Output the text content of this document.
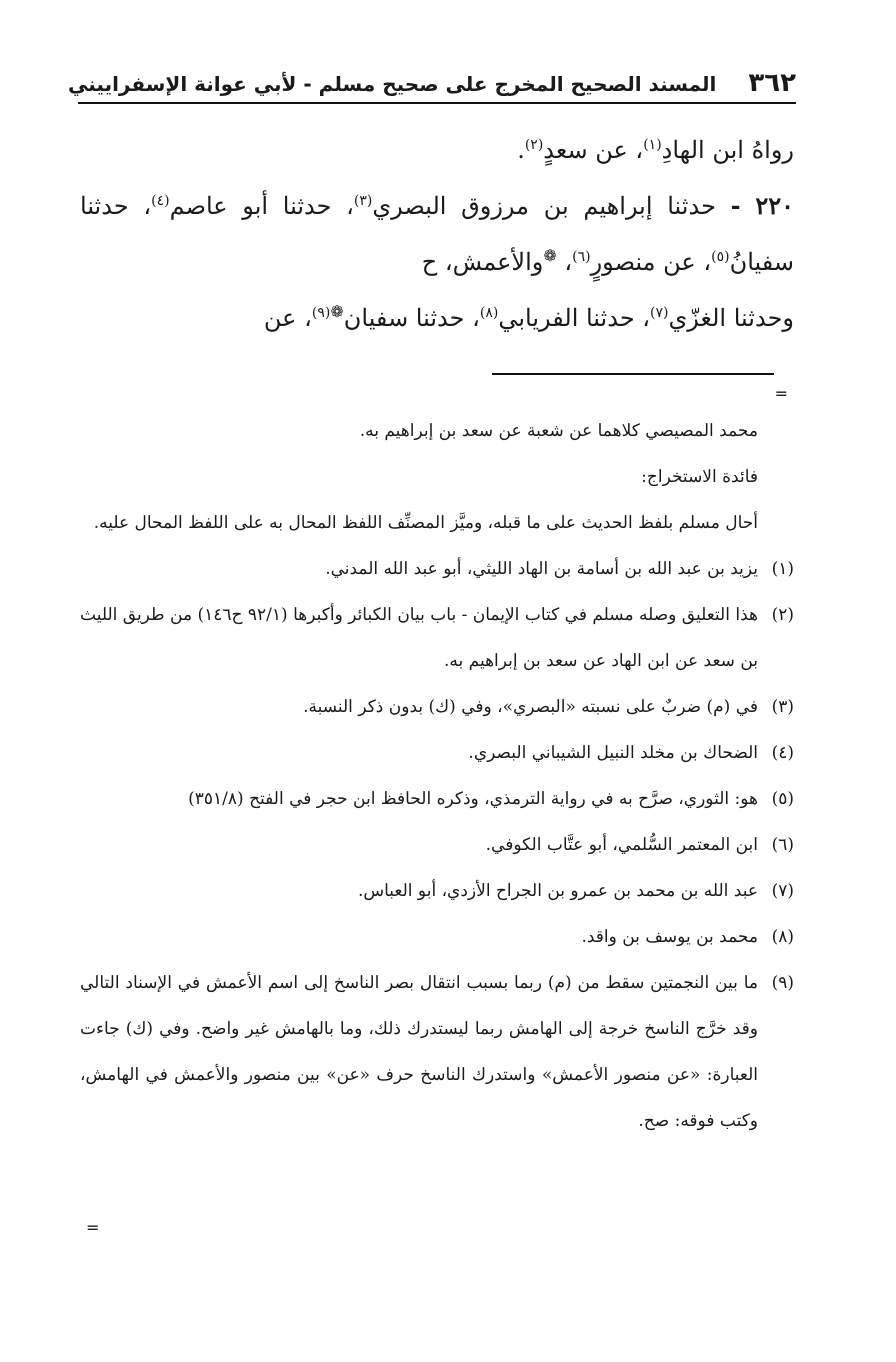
٣٦٢
المسند الصحيح المخرج على صحيح مسلم - لأبي عوانة الإسفراييني

رواهُ ابن الهادِ$^{(١)}$، عن سعدٍ$^{(٢)}$.

٢٢٠ - حدثنا إبراهيم بن مرزوق البصري$^{(٣)}$، حدثنا أبو عاصم$^{(٤)}$، حدثنا سفيانُ$^{(٥)}$، عن منصورٍ$^{(٦)}$، ❁والأعمش، ح
وحدثنا الغزّي$^{(٧)}$، حدثنا الفريابي$^{(٨)}$، حدثنا سفيان$^{❁(٩)}$، عن

=

محمد المصيصي كلاهما عن شعبة عن سعد بن إبراهيم به.

فائدة الاستخراج:

أحال مسلم بلفظ الحديث على ما قبله، وميَّز المصنِّف اللفظ المحال به على اللفظ المحال عليه.

(١)يزيد بن عبد الله بن أسامة بن الهاد الليثي، أبو عبد الله المدني.

(٢)هذا التعليق وصله مسلم في كتاب الإيمان - باب بيان الكبائر وأكبرها (٩٢/١ ح١٤٦) من طريق الليث بن سعد عن ابن الهاد عن سعد بن إبراهيم به.

(٣)في (م) ضربٌ على نسبته «البصري»، وفي (ك) بدون ذكر النسبة.

(٤)الضحاك بن مخلد النبيل الشيباني البصري.

(٥)هو: الثوري، صرَّح به في رواية الترمذي، وذكره الحافظ ابن حجر في الفتح (٣٥١/٨)

(٦)ابن المعتمر السُّلمي، أبو عتَّاب الكوفي.

(٧)عبد الله بن محمد بن عمرو بن الجراح الأزدي، أبو العباس.

(٨)محمد بن يوسف بن واقد.

(٩)ما بين النجمتين سقط من (م) ربما بسبب انتقال بصر الناسخ إلى اسم الأعمش في الإسناد التالي وقد خرَّج الناسخ خرجة إلى الهامش ربما ليستدرك ذلك، وما بالهامش غير واضح. وفي (ك) جاءت العبارة: «عن منصور الأعمش» واستدرك الناسخ حرف «عن» بين منصور والأعمش في الهامش، وكتب فوقه: صح.

=
